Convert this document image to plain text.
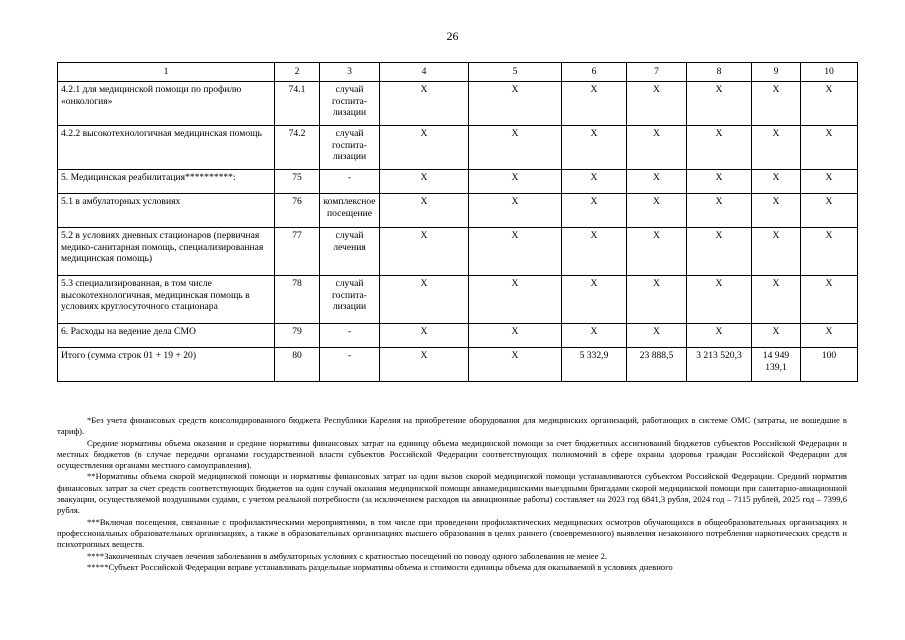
26
1	2	3	4	5	6	7	8	9	10
4.2.1 для медицинской помощи по профилю «онкология»	74.1	случай госпита-лизации	X	X	X	X	X	X	X
4.2.2 высокотехнологичная медицинская помощь	74.2	случай госпита-лизации	X	X	X	X	X	X	X
5. Медицинская реабилитация**********:	75	-	X	X	X	X	X	X	X
5.1 в амбулаторных условиях	76	комплексное посещение	X	X	X	X	X	X	X
5.2 в условиях дневных стационаров (первичная медико-санитарная помощь, специализированная медицинская помощь)	77	случай лечения	X	X	X	X	X	X	X
5.3 специализированная, в том числе высокотехнологичная, медицинская помощь в условиях круглосуточного стационара	78	случай госпита-лизации	X	X	X	X	X	X	X
6. Расходы на ведение дела СМО	79	-	X	X	X	X	X	X	X
Итого (сумма строк 01 + 19 + 20)	80	-	X	X	5 332,9	23 888,5	3 213 520,3	14 949 139,1	100

*Без учета финансовых средств консолидированного бюджета Республики Карелия на приобретение оборудования для медицинских организаций, работающих в системе ОМС (затраты, не вошедшие в тариф).

Средние нормативы объема оказания и средние нормативы финансовых затрат на единицу объема медицинской помощи за счет бюджетных ассигнований бюджетов субъектов Российской Федерации и местных бюджетов (в случае передачи органами государственной власти субъектов Российской Федерации соответствующих полномочий в сфере охраны здоровья граждан Российской Федерации для осуществления органами местного самоуправления).

**Нормативы объема скорой медицинской помощи и нормативы финансовых затрат на один вызов скорой медицинской помощи устанавливаются субъектом Российской Федерации. Средний норматив финансовых затрат за счет средств соответствующих бюджетов на один случай оказания медицинской помощи авиамедицинскими выездными бригадами скорой медицинской помощи при санитарно-авиационной эвакуации, осуществляемой воздушными судами, с учетом реальной потребности (за исключением расходов на авиационные работы) составляет на 2023 год 6841,3 рубля, 2024 год – 7115 рублей, 2025 год – 7399,6 рубля.

***Включая посещения, связанные с профилактическими мероприятиями, в том числе при проведении профилактических медицинских осмотров обучающихся в общеобразовательных организациях и профессиональных образовательных организациях, а также в образовательных организациях высшего образования в целях раннего (своевременного) выявления незаконного потребления наркотических средств и психотропных веществ.

****Законченных случаев лечения заболевания в амбулаторных условиях с кратностью посещений по поводу одного заболевания не менее 2.

*****Субъект Российской Федерации вправе устанавливать раздельные нормативы объема и стоимости единицы объема для оказываемой в условиях дневного
